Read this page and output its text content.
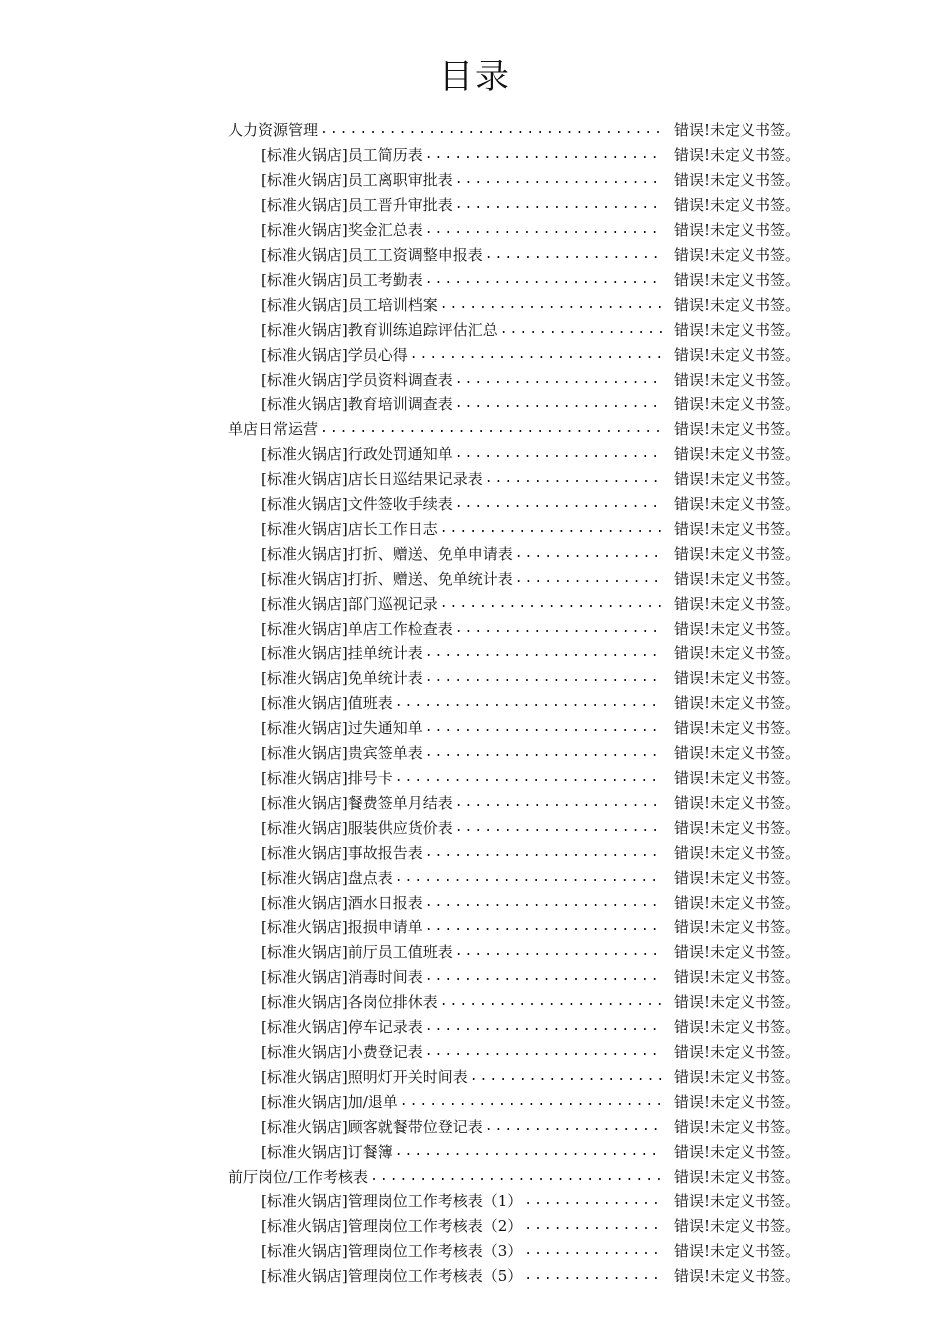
目录
人力资源管理 .....	错误!未定义书签。
[标准火锅店]员工简历表 .....	错误!未定义书签。
[标准火锅店]员工离职审批表 .....	错误!未定义书签。
[标准火锅店]员工晋升审批表 .....	错误!未定义书签。
[标准火锅店]奖金汇总表 .....	错误!未定义书签。
[标准火锅店]员工工资调整申报表 .....	错误!未定义书签。
[标准火锅店]员工考勤表 .....	错误!未定义书签。
[标准火锅店]员工培训档案 .....	错误!未定义书签。
[标准火锅店]教育训练追踪评估汇总 .....	错误!未定义书签。
[标准火锅店]学员心得 .....	错误!未定义书签。
[标准火锅店]学员资料调查表 .....	错误!未定义书签。
[标准火锅店]教育培训调查表 .....	错误!未定义书签。
单店日常运营 .....	错误!未定义书签。
[标准火锅店]行政处罚通知单 .....	错误!未定义书签。
[标准火锅店]店长日巡结果记录表 .....	错误!未定义书签。
[标准火锅店]文件签收手续表 .....	错误!未定义书签。
[标准火锅店]店长工作日志 .....	错误!未定义书签。
[标准火锅店]打折、赠送、免单申请表 .....	错误!未定义书签。
[标准火锅店]打折、赠送、免单统计表 .....	错误!未定义书签。
[标准火锅店]部门巡视记录 .....	错误!未定义书签。
[标准火锅店]单店工作检查表 .....	错误!未定义书签。
[标准火锅店]挂单统计表 .....	错误!未定义书签。
[标准火锅店]免单统计表 .....	错误!未定义书签。
[标准火锅店]值班表 .....	错误!未定义书签。
[标准火锅店]过失通知单 .....	错误!未定义书签。
[标准火锅店]贵宾签单表 .....	错误!未定义书签。
[标准火锅店]排号卡 .....	错误!未定义书签。
[标准火锅店]餐费签单月结表 .....	错误!未定义书签。
[标准火锅店]服装供应货价表 .....	错误!未定义书签。
[标准火锅店]事故报告表 .....	错误!未定义书签。
[标准火锅店]盘点表 .....	错误!未定义书签。
[标准火锅店]酒水日报表 .....	错误!未定义书签。
[标准火锅店]报损申请单 .....	错误!未定义书签。
[标准火锅店]前厅员工值班表 .....	错误!未定义书签。
[标准火锅店]消毒时间表 .....	错误!未定义书签。
[标准火锅店]各岗位排休表 .....	错误!未定义书签。
[标准火锅店]停车记录表 .....	错误!未定义书签。
[标准火锅店]小费登记表 .....	错误!未定义书签。
[标准火锅店]照明灯开关时间表 .....	错误!未定义书签。
[标准火锅店]加/退单 .....	错误!未定义书签。
[标准火锅店]顾客就餐带位登记表 .....	错误!未定义书签。
[标准火锅店]订餐簿 .....	错误!未定义书签。
前厅岗位/工作考核表 .....	错误!未定义书签。
[标准火锅店]管理岗位工作考核表（1） .....	错误!未定义书签。
[标准火锅店]管理岗位工作考核表（2） .....	错误!未定义书签。
[标准火锅店]管理岗位工作考核表（3） .....	错误!未定义书签。
[标准火锅店]管理岗位工作考核表（5） .....	错误!未定义书签。
